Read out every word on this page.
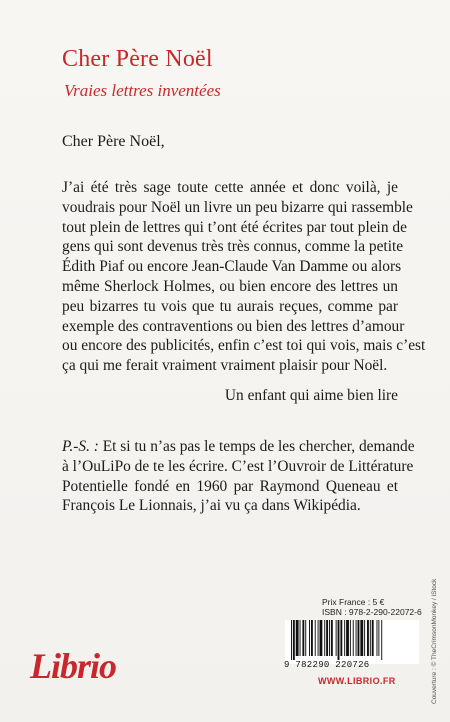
Cher Père Noël
Vraies lettres inventées
Cher Père Noël,
J’ai été très sage toute cette année et donc voilà, je
voudrais pour Noël un livre un peu bizarre qui rassemble
tout plein de lettres qui t’ont été écrites par tout plein de
gens qui sont devenus très très connus, comme la petite
Édith Piaf ou encore Jean-Claude Van Damme ou alors
même Sherlock Holmes, ou bien encore des lettres un
peu bizarres tu vois que tu aurais reçues, comme par
exemple des contraventions ou bien des lettres d’amour
ou encore des publicités, enfin c’est toi qui vois, mais c’est
ça qui me ferait vraiment vraiment plaisir pour Noël.
Un enfant qui aime bien lire
P.-S. : Et si tu n’as pas le temps de les chercher, demande
à l’OuLiPo de te les écrire. C’est l’Ouvroir de Littérature
Potentielle fondé en 1960 par Raymond Queneau et
François Le Lionnais, j’ai vu ça dans Wikipédia.
Librio
Prix France : 5 €
ISBN : 978-2-290-22072-6
9 782290 220726
WWW.LIBRIO.FR	Couverture : © TheCrimsonMonkey / iStock
